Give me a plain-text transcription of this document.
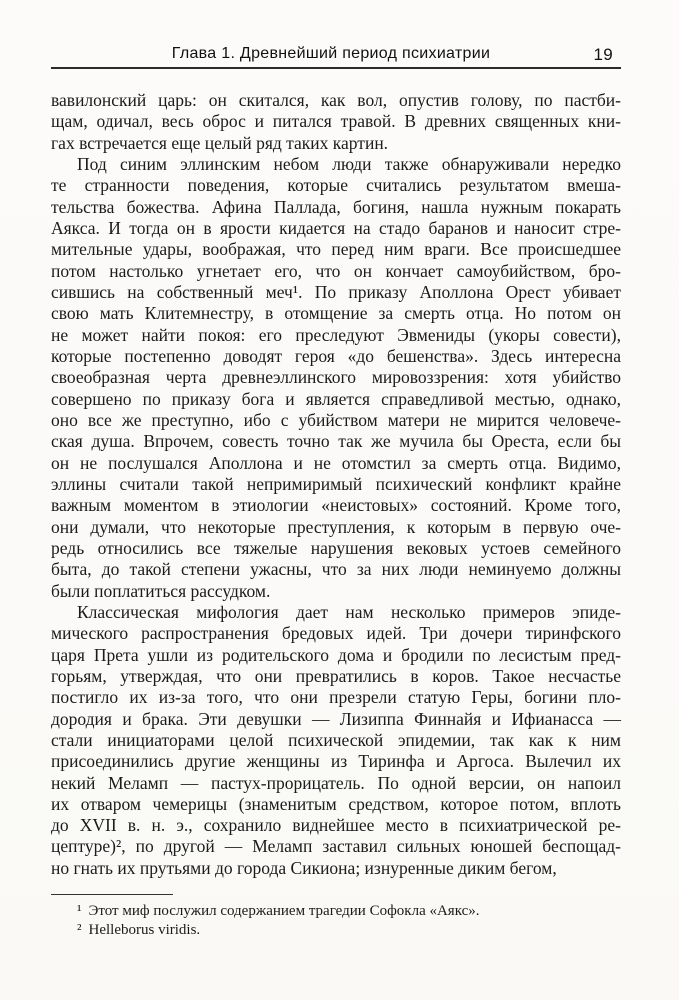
Глава 1. Древнейший период психиатрии	19
вавилонский царь: он скитался, как вол, опустив голову, по пастби-
щам, одичал, весь оброс и питался травой. В древних священных кни-
гах встречается еще целый ряд таких картин.
Под синим эллинским небом люди также обнаруживали нередко
те странности поведения, которые считались результатом вмеша-
тельства божества. Афина Паллада, богиня, нашла нужным покарать
Аякса. И тогда он в ярости кидается на стадо баранов и наносит стре-
мительные удары, воображая, что перед ним враги. Все происшедшее
потом настолько угнетает его, что он кончает самоубийством, бро-
сившись на собственный меч¹. По приказу Аполлона Орест убивает
свою мать Клитемнестру, в отомщение за смерть отца. Но потом он
не может найти покоя: его преследуют Эвмениды (укоры совести),
которые постепенно доводят героя «до бешенства». Здесь интересна
своеобразная черта древнеэллинского мировоззрения: хотя убийство
совершено по приказу бога и является справедливой местью, однако,
оно все же преступно, ибо с убийством матери не мирится человече-
ская душа. Впрочем, совесть точно так же мучила бы Ореста, если бы
он не послушался Аполлона и не отомстил за смерть отца. Видимо,
эллины считали такой непримиримый психический конфликт крайне
важным моментом в этиологии «неистовых» состояний. Кроме того,
они думали, что некоторые преступления, к которым в первую оче-
редь относились все тяжелые нарушения вековых устоев семейного
быта, до такой степени ужасны, что за них люди неминуемо должны
были поплатиться рассудком.
Классическая мифология дает нам несколько примеров эпиде-
мического распространения бредовых идей. Три дочери тиринфского
царя Прета ушли из родительского дома и бродили по лесистым пред-
горьям, утверждая, что они превратились в коров. Такое несчастье
постигло их из-за того, что они презрели статую Геры, богини пло-
дородия и брака. Эти девушки — Лизиппа Финнайя и Ифианасса —
стали инициаторами целой психической эпидемии, так как к ним
присоединились другие женщины из Тиринфа и Аргоса. Вылечил их
некий Меламп — пастух-прорицатель. По одной версии, он напоил
их отваром чемерицы (знаменитым средством, которое потом, вплоть
до XVII в. н. э., сохранило виднейшее место в психиатрической ре-
цептуре)², по другой — Меламп заставил сильных юношей беспощад-
но гнать их прутьями до города Сикиона; изнуренные диким бегом,
¹ Этот миф послужил содержанием трагедии Софокла «Аякс».
² Helleborus viridis.
